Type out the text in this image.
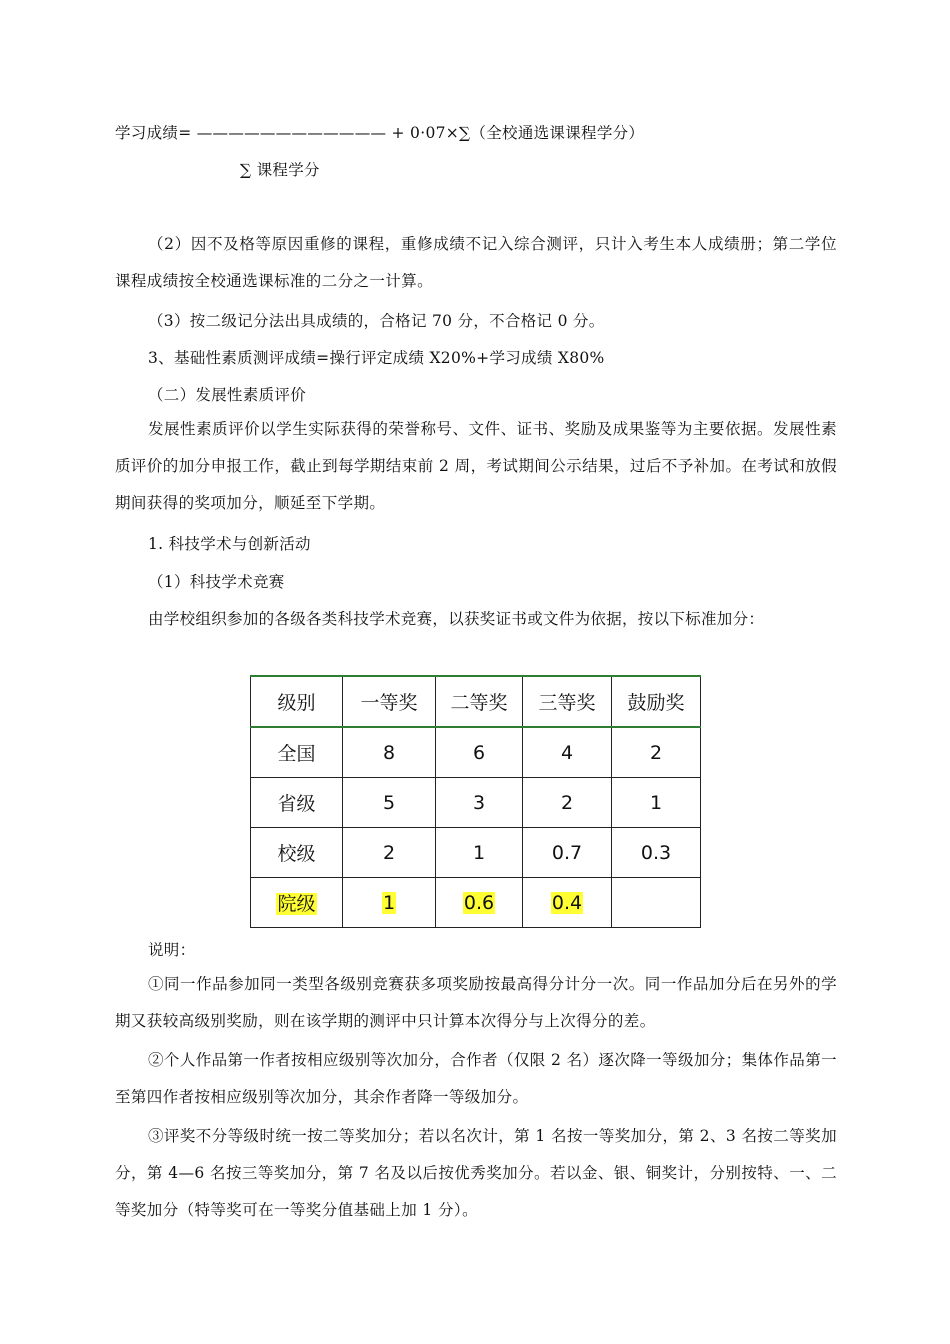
学习成绩= ———————————— + 0·07×∑（全校通选课课程学分）
∑ 课程学分
（2）因不及格等原因重修的课程，重修成绩不记入综合测评，只计入考生本人成绩册；第二学位课程成绩按全校通选课标准的二分之一计算。
（3）按二级记分法出具成绩的，合格记 70 分，不合格记 0 分。
3、基础性素质测评成绩=操行评定成绩 X20%+学习成绩 X80%
（二）发展性素质评价
发展性素质评价以学生实际获得的荣誉称号、文件、证书、奖励及成果鉴等为主要依据。发展性素质评价的加分申报工作，截止到每学期结束前 2 周，考试期间公示结果，过后不予补加。在考试和放假期间获得的奖项加分，顺延至下学期。
1. 科技学术与创新活动
（1）科技学术竞赛
由学校组织参加的各级各类科技学术竞赛，以获奖证书或文件为依据，按以下标准加分：
级别	一等奖	二等奖	三等奖	鼓励奖
全国	8	6	4	2
省级	5	3	2	1
校级	2	1	0.7	0.3
院级	1	0.6	0.4	
说明：
①同一作品参加同一类型各级别竞赛获多项奖励按最高得分计分一次。同一作品加分后在另外的学期又获较高级别奖励，则在该学期的测评中只计算本次得分与上次得分的差。
②个人作品第一作者按相应级别等次加分，合作者（仅限 2 名）逐次降一等级加分；集体作品第一至第四作者按相应级别等次加分，其余作者降一等级加分。
③评奖不分等级时统一按二等奖加分；若以名次计，第 1 名按一等奖加分，第 2、3 名按二等奖加分，第 4—6 名按三等奖加分，第 7 名及以后按优秀奖加分。若以金、银、铜奖计，分别按特、一、二等奖加分（特等奖可在一等奖分值基础上加 1 分）。
